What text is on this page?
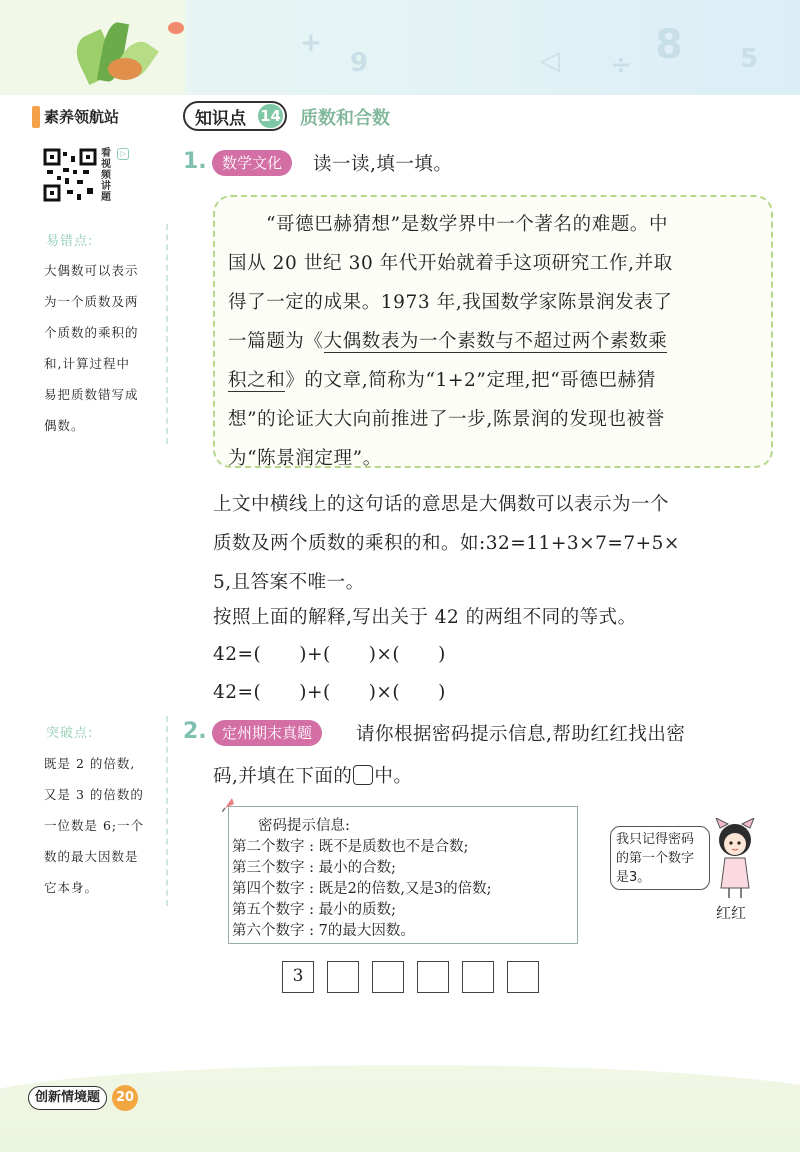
+
9	◁ ÷ 8 5
素养领航站
看
视
频
讲
题
▷
易错点:
大偶数可以表示
为一个质数及两
个质数的乘积的
和,计算过程中
易把质数错写成
偶数。
突破点:
既是 2 的倍数,
又是 3 的倍数的
一位数是 6;一个
数的最大因数是
它本身。
知识点 14 质数和合数
1.	数学文化	读一读,填一填。
“哥德巴赫猜想”是数学界中一个著名的难题。中
国从 20 世纪 30 年代开始就着手这项研究工作,并取
得了一定的成果。1973 年,我国数学家陈景润发表了
一篇题为《大偶数表为一个素数与不超过两个素数乘
积之和》的文章,简称为“1+2”定理,把“哥德巴赫猜
想”的论证大大向前推进了一步,陈景润的发现也被誉
为“陈景润定理”。
上文中横线上的这句话的意思是大偶数可以表示为一个
质数及两个质数的乘积的和。如:32=11+3×7=7+5×
5,且答案不唯一。
按照上面的解释,写出关于 42 的两组不同的等式。
42=(　　)+(　　)×(　　)
42=(　　)+(　　)×(　　)
2.	定州期末真题	请你根据密码提示信息,帮助红红找出密
码,并填在下面的 中。
密码提示信息:
第二个数字 : 既不是质数也不是合数;
第三个数字 : 最小的合数;
第四个数字 : 既是2的倍数,又是3的倍数;
第五个数字 : 最小的质数;
第六个数字 : 7的最大因数。
我只记得密码的第一个数字是3。
红红
3
创新情境题	20
